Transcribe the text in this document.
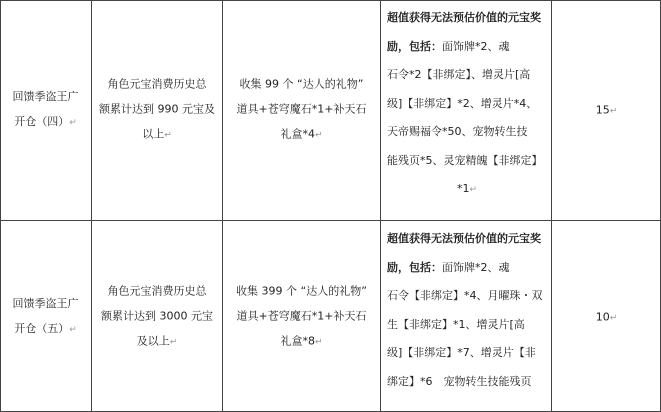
回馈季盗王广
开仓（四）↵
角色元宝消费历史总
额累计达到 990 元宝及
以上↵
收集 99 个 “达人的礼物”
道具+苍穹魔石*1+补天石
礼盒*4↵
超值获得无法预估价值的元宝奖励，包括：面饰牌*2、魂
石令*2【非绑定】、增灵片[高
级]【非绑定】*2、增灵片*4、
天帝赐福令*50、宠物转生技
能残页*5、灵宠精魄【非绑定】

*1↵
15↵
回馈季盗王广
开仓（五）↵
角色元宝消费历史总
额累计达到 3000 元宝
及以上↵
收集 399 个 “达人的礼物”
道具+苍穹魔石*1+补天石
礼盒*8↵
超值获得无法预估价值的元宝奖励，包括：面饰牌*2、魂
石令【非绑定】*4、月曜珠・双
生【非绑定】*1、增灵片[高
级]【非绑定】*7、增灵片【非
绑定】*6　宠物转生技能残页
10↵
